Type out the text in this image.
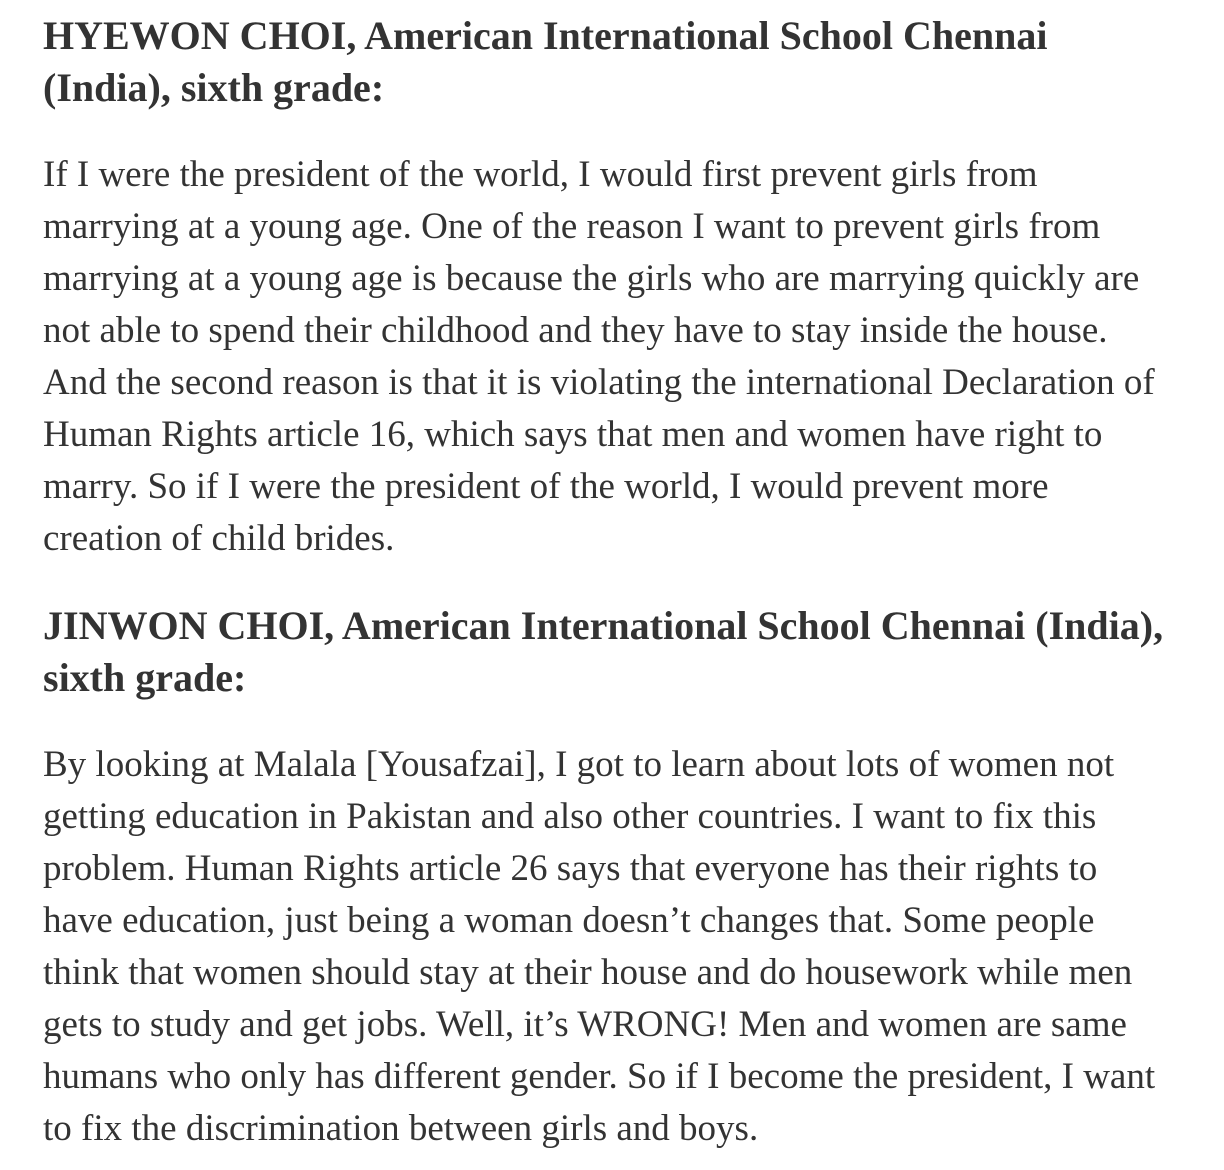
HYEWON CHOI, American International School Chennai
(India), sixth grade:

If I were the president of the world, I would first prevent girls from
marrying at a young age. One of the reason I want to prevent girls from
marrying at a young age is because the girls who are marrying quickly are
not able to spend their childhood and they have to stay inside the house.
And the second reason is that it is violating the international Declaration of
Human Rights article 16, which says that men and women have right to
marry. So if I were the president of the world, I would prevent more
creation of child brides.

JINWON CHOI, American International School Chennai (India),
sixth grade:

By looking at Malala [Yousafzai], I got to learn about lots of women not
getting education in Pakistan and also other countries. I want to fix this
problem. Human Rights article 26 says that everyone has their rights to
have education, just being a woman doesn’t changes that. Some people
think that women should stay at their house and do housework while men
gets to study and get jobs. Well, it’s WRONG! Men and women are same
humans who only has different gender. So if I become the president, I want
to fix the discrimination between girls and boys.
